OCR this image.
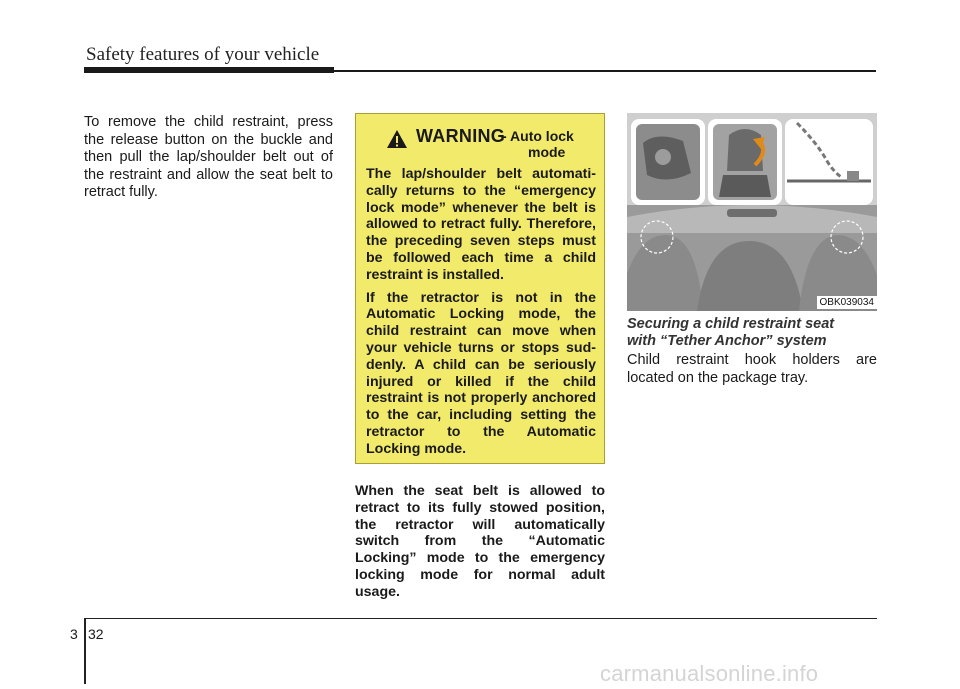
Safety features of your vehicle

To remove the child restraint, press the release button on the buckle and then pull the lap/shoulder belt out of the restraint and allow the seat belt to retract fully.

WARNING
- Auto lock
mode

The lap/shoulder belt automati-cally returns to the “emergency lock mode” whenever the belt is allowed to retract fully. Therefore, the preceding seven steps must be followed each time a child restraint is installed.

If the retractor is not in the Automatic Locking mode, the child restraint can move when your vehicle turns or stops sud-denly. A child can be seriously injured or killed if the child restraint is not properly anchored to the car, including setting the retractor to the Automatic Locking mode.

When the seat belt is allowed to retract to its fully stowed position, the retractor will automatically switch from the “Automatic Locking” mode to the emergency locking mode for normal adult usage.

OBK039034
Securing a child restraint seat
with “Tether Anchor” system

Child restraint hook holders are located on the package tray.

3 32
carmanualsonline.info
